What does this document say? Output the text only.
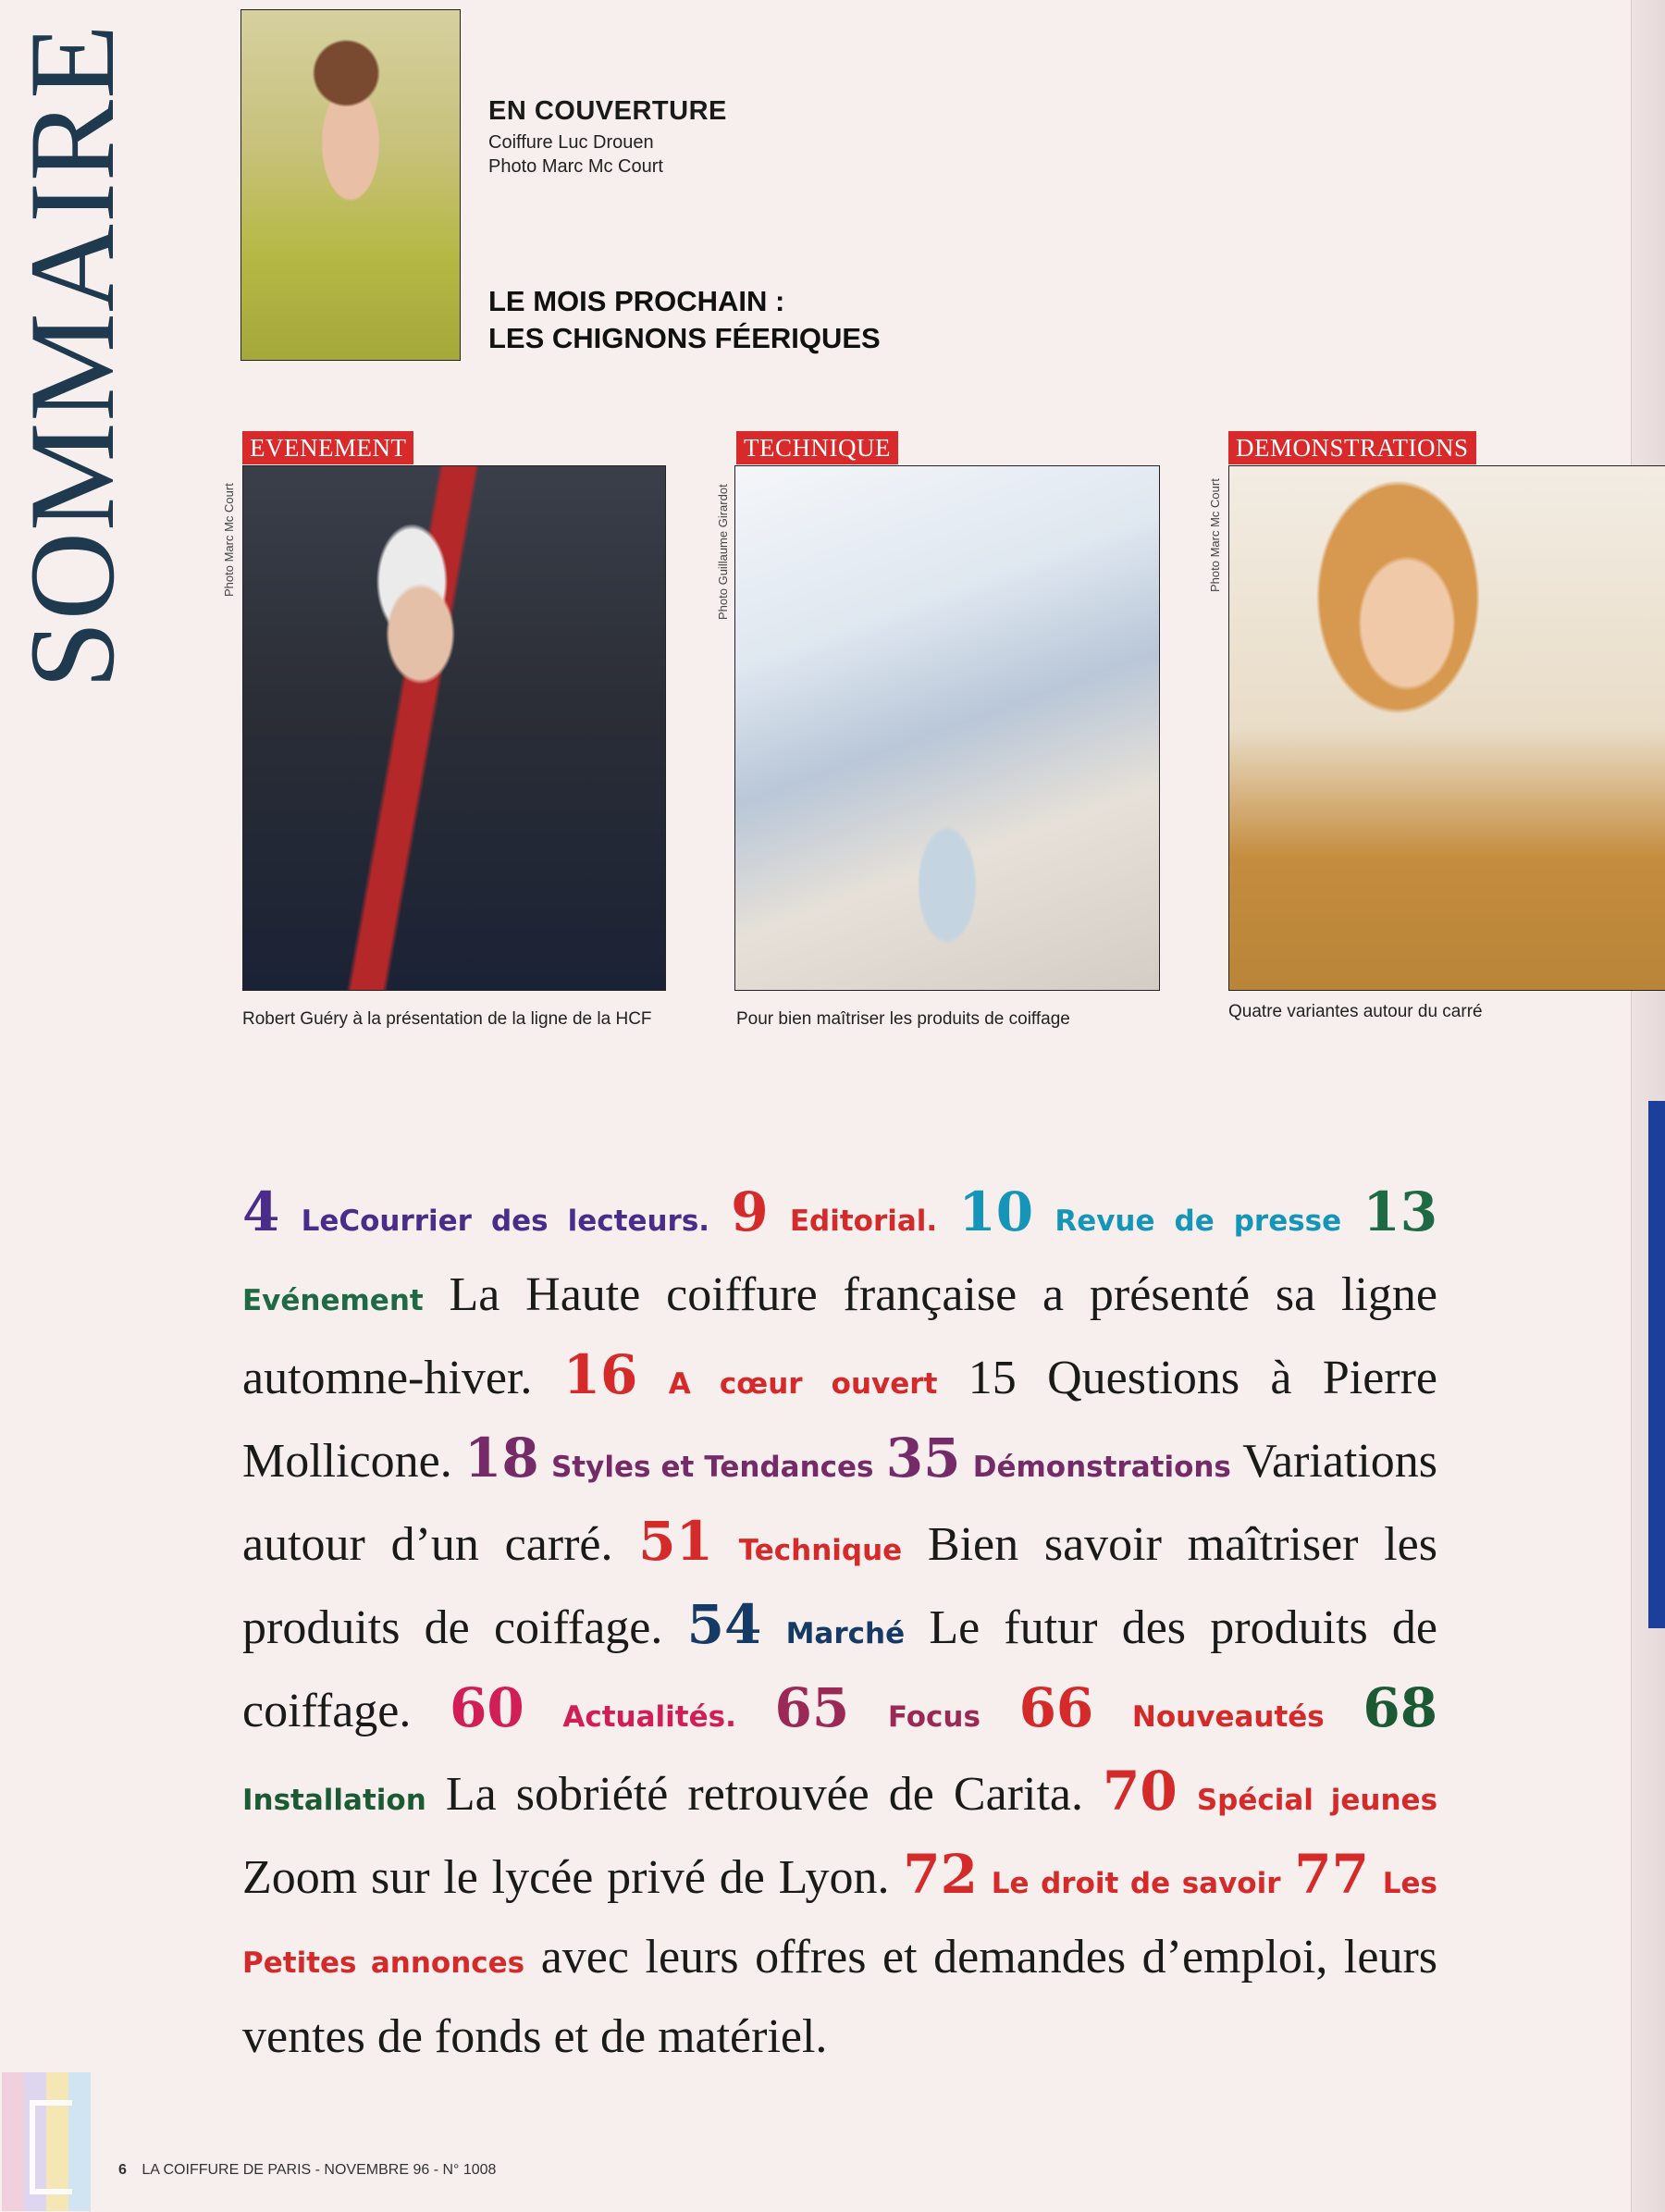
SOMMAIRE	EN COUVERTURE
Coiffure Luc Drouen
Photo Marc Mc Court
LE MOIS PROCHAIN :
LES CHIGNONS FÉERIQUES
EVENEMENT
Photo Marc Mc Court
Robert Guéry à la présentation de la ligne de la HCF
TECHNIQUE
Photo Guillaume Girardot
Pour bien maîtriser les produits de coiffage
DEMONSTRATIONS
Photo Marc Mc Court
Quatre variantes autour du carré
4 LeCourrier des lecteurs. 9 Editorial. 10 Revue de presse 13 Evénement La Haute coiffure française a présenté sa ligne automne-hiver. 16 A cœur ouvert 15 Questions à Pierre Mollicone. 18 Styles et Tendances 35 Démonstrations Variations autour d’un carré. 51 Technique Bien savoir maîtriser les produits de coiffage. 54 Marché Le futur des produits de coiffage. 60 Actualités. 65 Focus 66 Nouveautés 68 Installation La sobriété retrouvée de Carita. 70 Spécial jeunes Zoom sur le lycée privé de Lyon. 72 Le droit de savoir 77 Les Petites annonces avec leurs offres et demandes d’emploi, leurs ventes de fonds et de matériel.
6 LA COIFFURE DE PARIS - NOVEMBRE 96 - N° 1008
